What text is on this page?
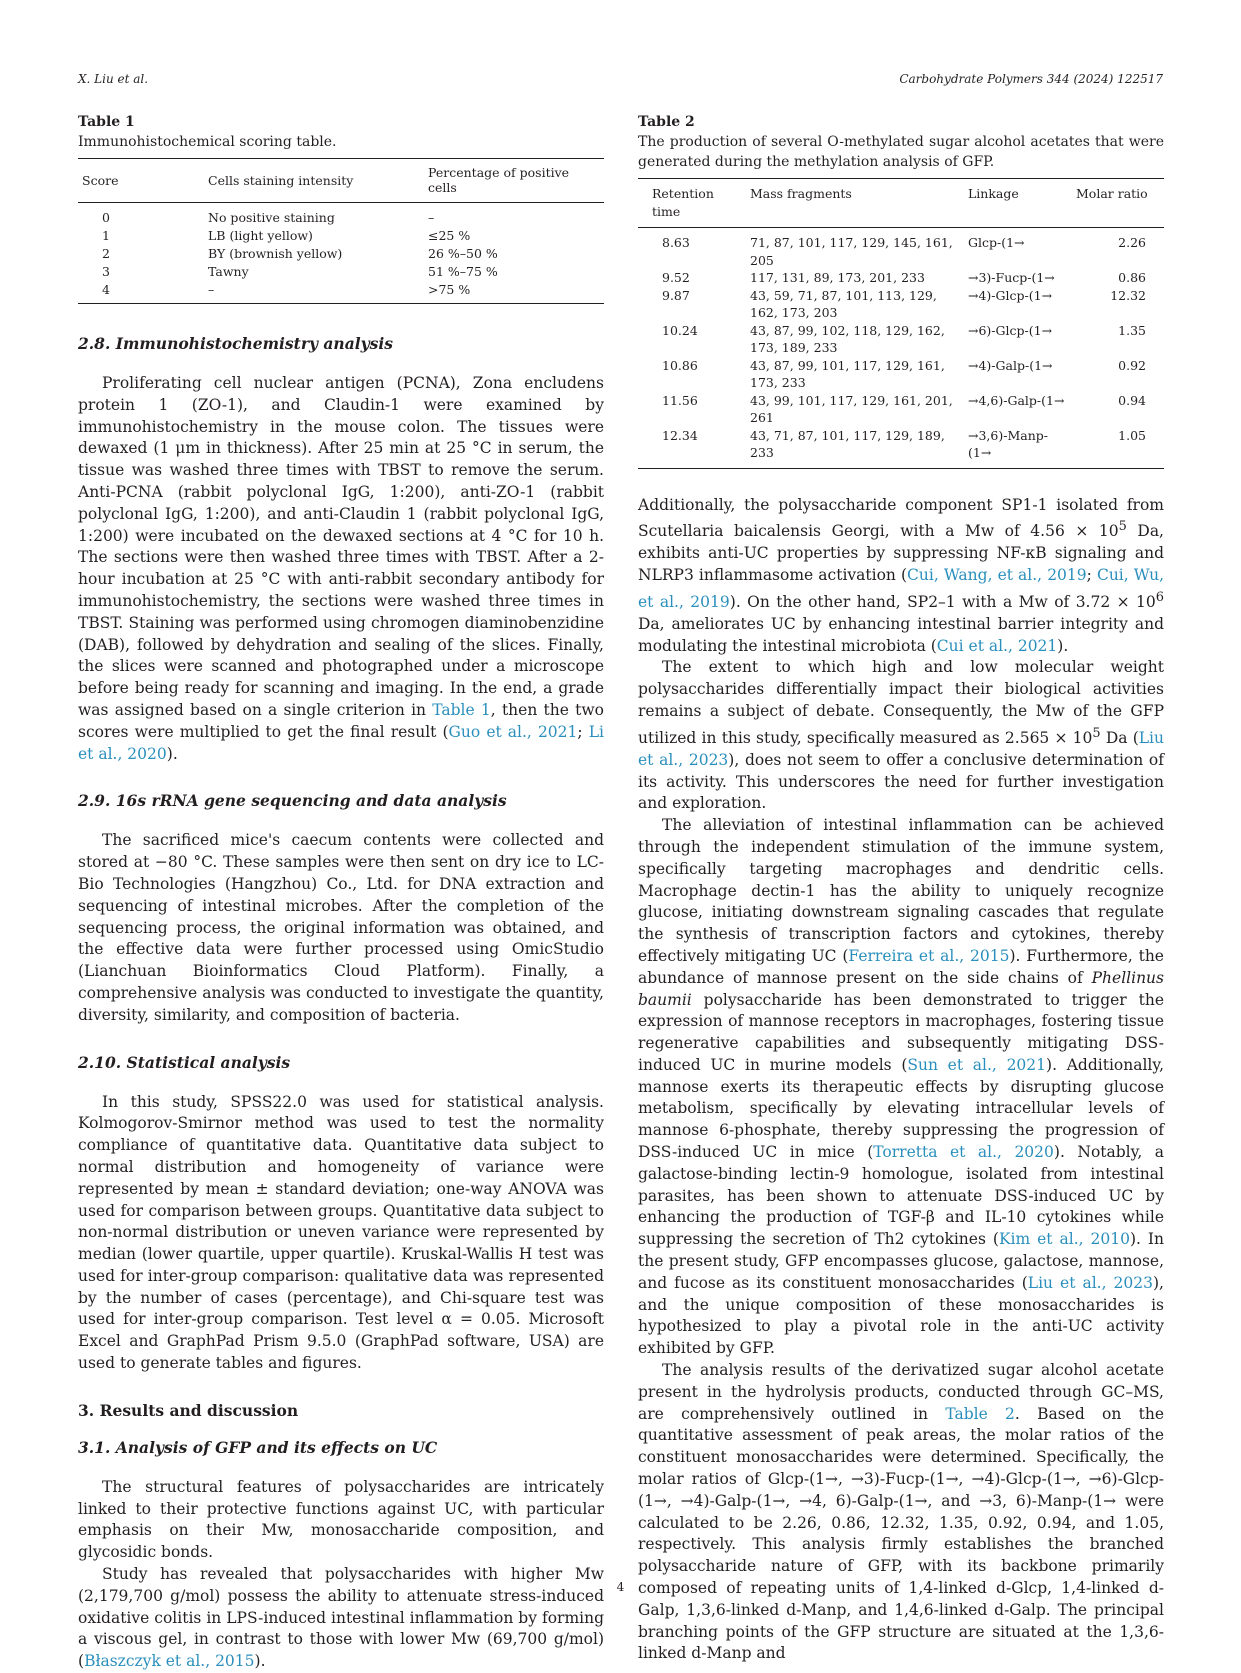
X. Liu et al.	Carbohydrate Polymers 344 (2024) 122517
Table 1
Immunohistochemical scoring table.
Score	Cells staining intensity	Percentage of positive cells
0	No positive staining	–
1	LB (light yellow)	≤25 %
2	BY (brownish yellow)	26 %–50 %
3	Tawny	51 %–75 %
4	–	>75 %
2.8. Immunohistochemistry analysis

Proliferating cell nuclear antigen (PCNA), Zona encludens protein 1 (ZO-1), and Claudin-1 were examined by immunohistochemistry in the mouse colon. The tissues were dewaxed (1 μm in thickness). After 25 min at 25 °C in serum, the tissue was washed three times with TBST to remove the serum. Anti-PCNA (rabbit polyclonal IgG, 1:200), anti-ZO-1 (rabbit polyclonal IgG, 1:200), and anti-Claudin 1 (rabbit polyclonal IgG, 1:200) were incubated on the dewaxed sections at 4 °C for 10 h. The sections were then washed three times with TBST. After a 2-hour incubation at 25 °C with anti-rabbit secondary antibody for immunohistochemistry, the sections were washed three times in TBST. Staining was performed using chromogen diaminobenzidine (DAB), followed by dehydration and sealing of the slices. Finally, the slices were scanned and photographed under a microscope before being ready for scanning and imaging. In the end, a grade was assigned based on a single criterion in Table 1, then the two scores were multiplied to get the final result (Guo et al., 2021; Li et al., 2020).

2.9. 16s rRNA gene sequencing and data analysis

The sacrificed mice's caecum contents were collected and stored at −80 °C. These samples were then sent on dry ice to LC-Bio Technologies (Hangzhou) Co., Ltd. for DNA extraction and sequencing of intestinal microbes. After the completion of the sequencing process, the original information was obtained, and the effective data were further processed using OmicStudio (Lianchuan Bioinformatics Cloud Platform). Finally, a comprehensive analysis was conducted to investigate the quantity, diversity, similarity, and composition of bacteria.

2.10. Statistical analysis

In this study, SPSS22.0 was used for statistical analysis. Kolmogorov-Smirnor method was used to test the normality compliance of quantitative data. Quantitative data subject to normal distribution and homogeneity of variance were represented by mean ± standard deviation; one-way ANOVA was used for comparison between groups. Quantitative data subject to non-normal distribution or uneven variance were represented by median (lower quartile, upper quartile). Kruskal-Wallis H test was used for inter-group comparison: qualitative data was represented by the number of cases (percentage), and Chi-square test was used for inter-group comparison. Test level α = 0.05. Microsoft Excel and GraphPad Prism 9.5.0 (GraphPad software, USA) are used to generate tables and figures.

3. Results and discussion
3.1. Analysis of GFP and its effects on UC

The structural features of polysaccharides are intricately linked to their protective functions against UC, with particular emphasis on their Mw, monosaccharide composition, and glycosidic bonds.

Study has revealed that polysaccharides with higher Mw (2,179,700 g/mol) possess the ability to attenuate stress-induced oxidative colitis in LPS-induced intestinal inflammation by forming a viscous gel, in contrast to those with lower Mw (69,700 g/mol) (Błaszczyk et al., 2015).

Table 2
The production of several O-methylated sugar alcohol acetates that were generated during the methylation analysis of GFP.
Retention time	Mass fragments	Linkage	Molar ratio
8.63	71, 87, 101, 117, 129, 145, 161, 205	Glcp-(1→	2.26
9.52	117, 131, 89, 173, 201, 233	→3)-Fucp-(1→	0.86
9.87	43, 59, 71, 87, 101, 113, 129, 162, 173, 203	→4)-Glcp-(1→	12.32
10.24	43, 87, 99, 102, 118, 129, 162, 173, 189, 233	→6)-Glcp-(1→	1.35
10.86	43, 87, 99, 101, 117, 129, 161, 173, 233	→4)-Galp-(1→	0.92
11.56	43, 99, 101, 117, 129, 161, 201, 261	→4,6)-Galp-(1→	0.94
12.34	43, 71, 87, 101, 117, 129, 189, 233	→3,6)-Manp-(1→	1.05

Additionally, the polysaccharide component SP1-1 isolated from Scutellaria baicalensis Georgi, with a Mw of $4.56 \times 10^5$ Da, exhibits anti-UC properties by suppressing NF-κB signaling and NLRP3 inflammasome activation (Cui, Wang, et al., 2019; Cui, Wu, et al., 2019). On the other hand, SP2–1 with a Mw of $3.72 \times 10^6$ Da, ameliorates UC by enhancing intestinal barrier integrity and modulating the intestinal microbiota (Cui et al., 2021).

The extent to which high and low molecular weight polysaccharides differentially impact their biological activities remains a subject of debate. Consequently, the Mw of the GFP utilized in this study, specifically measured as $2.565 \times 10^5$ Da (Liu et al., 2023), does not seem to offer a conclusive determination of its activity. This underscores the need for further investigation and exploration.

The alleviation of intestinal inflammation can be achieved through the independent stimulation of the immune system, specifically targeting macrophages and dendritic cells. Macrophage dectin-1 has the ability to uniquely recognize glucose, initiating downstream signaling cascades that regulate the synthesis of transcription factors and cytokines, thereby effectively mitigating UC (Ferreira et al., 2015). Furthermore, the abundance of mannose present on the side chains of Phellinus baumii polysaccharide has been demonstrated to trigger the expression of mannose receptors in macrophages, fostering tissue regenerative capabilities and subsequently mitigating DSS-induced UC in murine models (Sun et al., 2021). Additionally, mannose exerts its therapeutic effects by disrupting glucose metabolism, specifically by elevating intracellular levels of mannose 6-phosphate, thereby suppressing the progression of DSS-induced UC in mice (Torretta et al., 2020). Notably, a galactose-binding lectin-9 homologue, isolated from intestinal parasites, has been shown to attenuate DSS-induced UC by enhancing the production of TGF-β and IL-10 cytokines while suppressing the secretion of Th2 cytokines (Kim et al., 2010). In the present study, GFP encompasses glucose, galactose, mannose, and fucose as its constituent monosaccharides (Liu et al., 2023), and the unique composition of these monosaccharides is hypothesized to play a pivotal role in the anti-UC activity exhibited by GFP.

The analysis results of the derivatized sugar alcohol acetate present in the hydrolysis products, conducted through GC–MS, are comprehensively outlined in Table 2. Based on the quantitative assessment of peak areas, the molar ratios of the constituent monosaccharides were determined. Specifically, the molar ratios of Glcp-(1→, →3)-Fucp-(1→, →4)-Glcp-(1→, →6)-Glcp-(1→, →4)-Galp-(1→, →4, 6)-Galp-(1→, and →3, 6)-Manp-(1→ were calculated to be 2.26, 0.86, 12.32, 1.35, 0.92, 0.94, and 1.05, respectively. This analysis firmly establishes the branched polysaccharide nature of GFP, with its backbone primarily composed of repeating units of 1,4-linked d-Glcp, 1,4-linked d-Galp, 1,3,6-linked d-Manp, and 1,4,6-linked d-Galp. The principal branching points of the GFP structure are situated at the 1,3,6-linked d-Manp and

4
